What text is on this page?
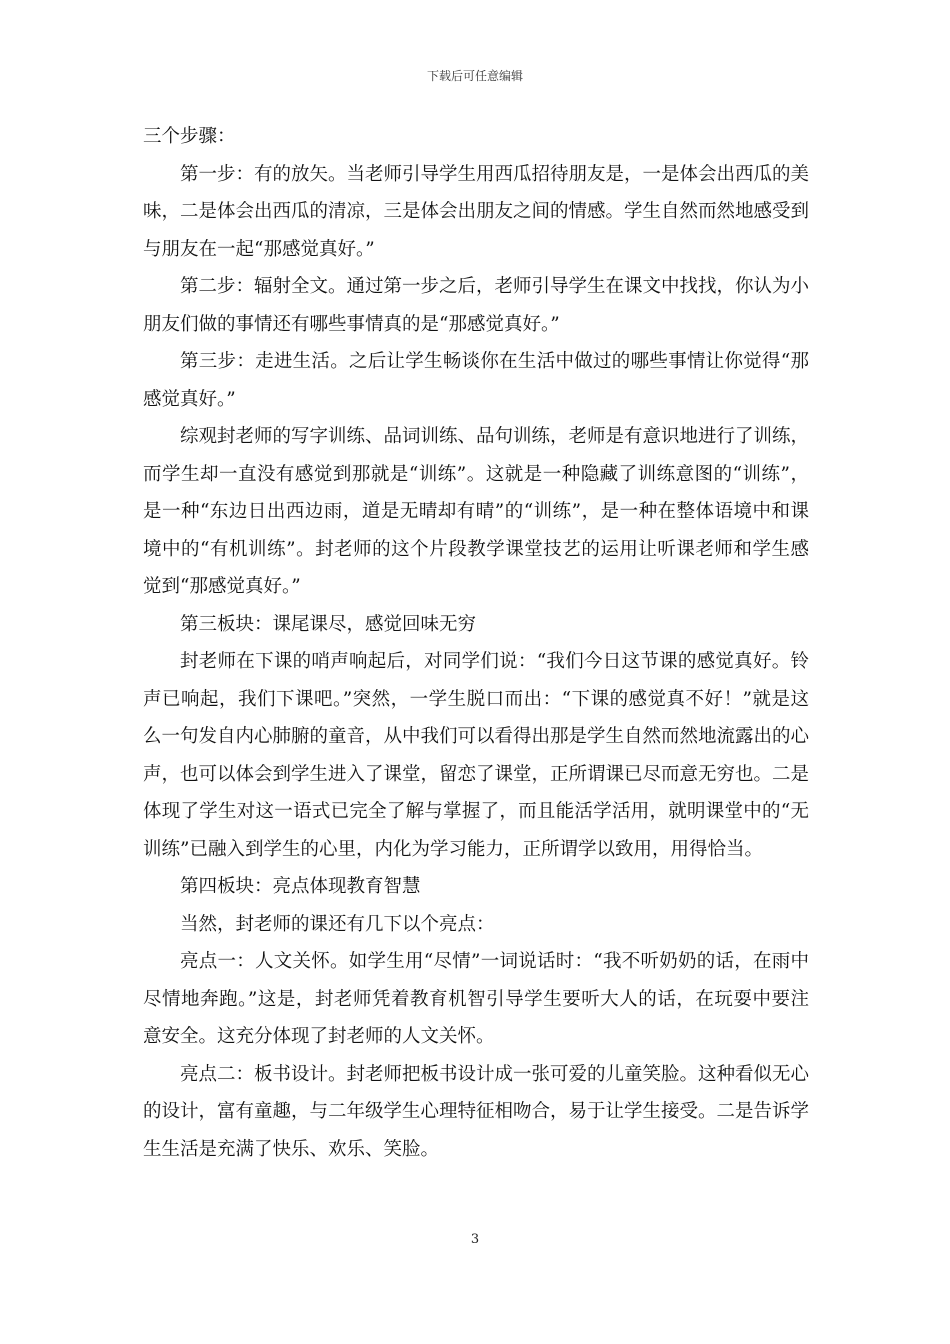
下载后可任意编辑

三个步骤：

第一步：有的放矢。当老师引导学生用西瓜招待朋友是，一是体会出西瓜的美味，二是体会出西瓜的清凉，三是体会出朋友之间的情感。学生自然而然地感受到与朋友在一起“那感觉真好。”

第二步：辐射全文。通过第一步之后，老师引导学生在课文中找找，你认为小朋友们做的事情还有哪些事情真的是“那感觉真好。”

第三步：走进生活。之后让学生畅谈你在生活中做过的哪些事情让你觉得“那感觉真好。”

综观封老师的写字训练、品词训练、品句训练，老师是有意识地进行了训练，而学生却一直没有感觉到那就是“训练”。这就是一种隐藏了训练意图的“训练”，是一种“东边日出西边雨，道是无晴却有晴”的“训练”，是一种在整体语境中和课境中的“有机训练”。封老师的这个片段教学课堂技艺的运用让听课老师和学生感觉到“那感觉真好。”

第三板块：课尾课尽，感觉回味无穷

封老师在下课的哨声响起后，对同学们说：“我们今日这节课的感觉真好。铃声已响起，我们下课吧。”突然，一学生脱口而出：“下课的感觉真不好！”就是这么一句发自内心肺腑的童音，从中我们可以看得出那是学生自然而然地流露出的心声，也可以体会到学生进入了课堂，留恋了课堂，正所谓课已尽而意无穷也。二是体现了学生对这一语式已完全了解与掌握了，而且能活学活用，就明课堂中的“无训练”已融入到学生的心里，内化为学习能力，正所谓学以致用，用得恰当。

第四板块：亮点体现教育智慧

当然，封老师的课还有几下以个亮点：

亮点一：人文关怀。如学生用“尽情”一词说话时：“我不听奶奶的话，在雨中尽情地奔跑。”这是，封老师凭着教育机智引导学生要听大人的话，在玩耍中要注意安全。这充分体现了封老师的人文关怀。

亮点二：板书设计。封老师把板书设计成一张可爱的儿童笑脸。这种看似无心的设计，富有童趣，与二年级学生心理特征相吻合，易于让学生接受。二是告诉学生生活是充满了快乐、欢乐、笑脸。

3
